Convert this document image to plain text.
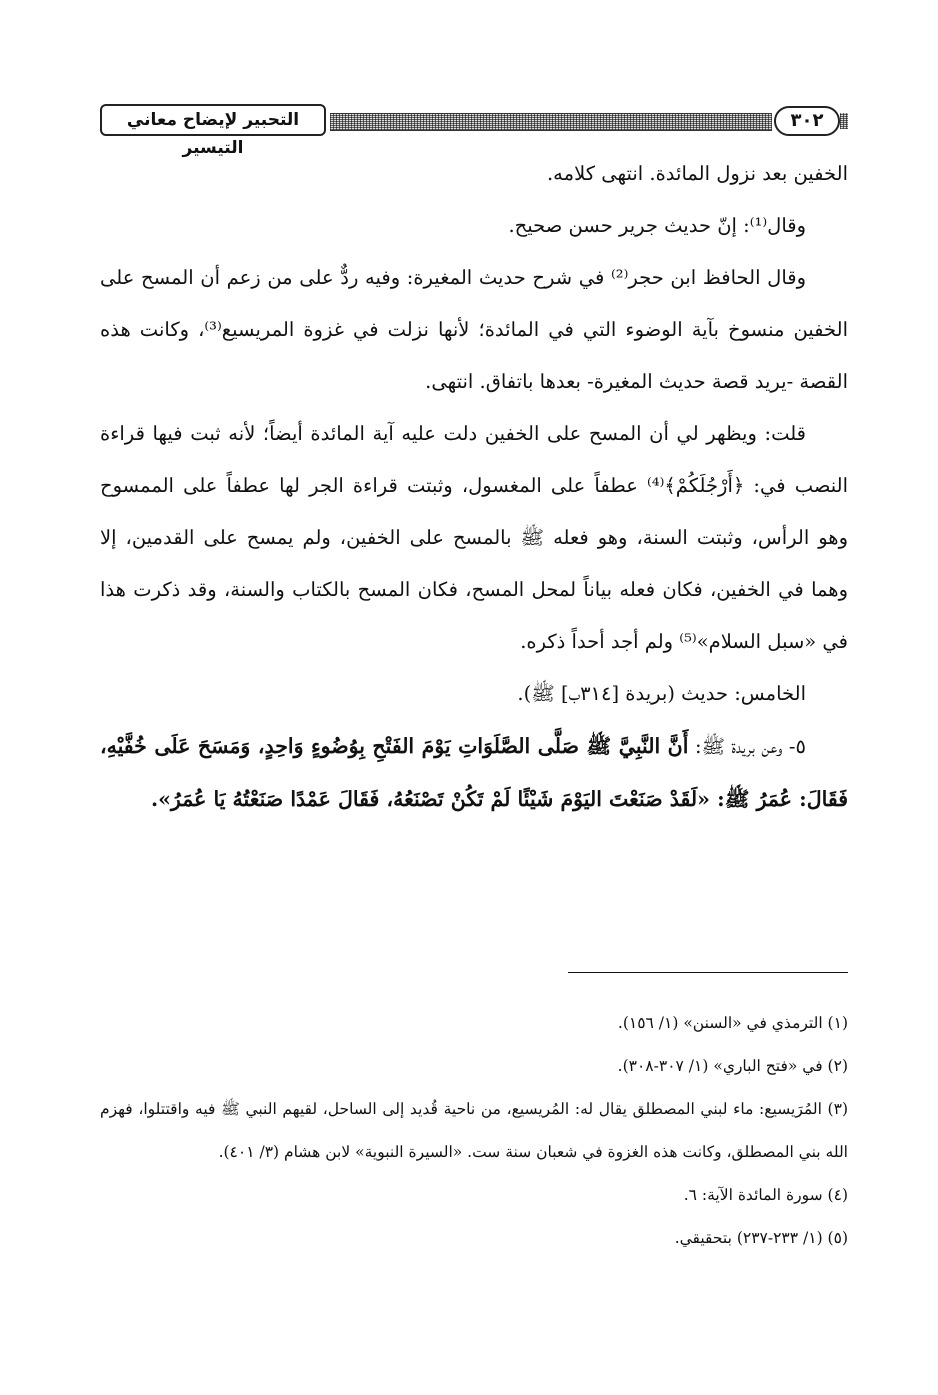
التحبير لإيضاح معاني التيسير
٣٠٢

الخفين بعد نزول المائدة. انتهى كلامه.

وقال⁽¹⁾: إنّ حديث جرير حسن صحيح.

وقال الحافظ ابن حجر⁽²⁾ في شرح حديث المغيرة: وفيه ردٌّ على من زعم أن المسح على الخفين منسوخ بآية الوضوء التي في المائدة؛ لأنها نزلت في غزوة المريسيع⁽³⁾، وكانت هذه القصة -يريد قصة حديث المغيرة- بعدها باتفاق. انتهى.

قلت: ويظهر لي أن المسح على الخفين دلت عليه آية المائدة أيضاً؛ لأنه ثبت فيها قراءة النصب في: ﴿أَرْجُلَكُمْ﴾⁽⁴⁾ عطفاً على المغسول، وثبتت قراءة الجر لها عطفاً على الممسوح وهو الرأس، وثبتت السنة، وهو فعله ﷺ بالمسح على الخفين، ولم يمسح على القدمين، إلا وهما في الخفين، فكان فعله بياناً لمحل المسح، فكان المسح بالكتاب والسنة، وقد ذكرت هذا في «سبل السلام»⁽⁵⁾ ولم أجد أحداً ذكره.

الخامس: حديث (بريدة [٣١٤ب] ﷺ).

٥- وعن بريدة ﷺ: أَنَّ النَّبِيَّ ﷺ صَلَّى الصَّلَوَاتِ يَوْمَ الفَتْحِ بِوُضُوءٍ وَاحِدٍ، وَمَسَحَ عَلَى خُفَّيْهِ، فَقَالَ: عُمَرُ ﷺ: «لَقَدْ صَنَعْتَ اليَوْمَ شَيْئًا لَمْ تَكُنْ تَصْنَعُهُ، فَقَالَ عَمْدًا صَنَعْتُهُ يَا عُمَرُ».

(١) الترمذي في «السنن» (١/ ١٥٦).

(٢) في «فتح الباري» (١/ ٣٠٧-٣٠٨).

(٣) المُرَيسيع: ماء لبني المصطلق يقال له: المُريسيع، من ناحية قُديد إلى الساحل، لقيهم النبي ﷺ فيه واقتتلوا، فهزم الله بني المصطلق، وكانت هذه الغزوة في شعبان سنة ست. «السيرة النبوية» لابن هشام (٣/ ٤٠١).

(٤) سورة المائدة الآية: ٦.

(٥) (١/ ٢٣٣-٢٣٧) بتحقيقي.
